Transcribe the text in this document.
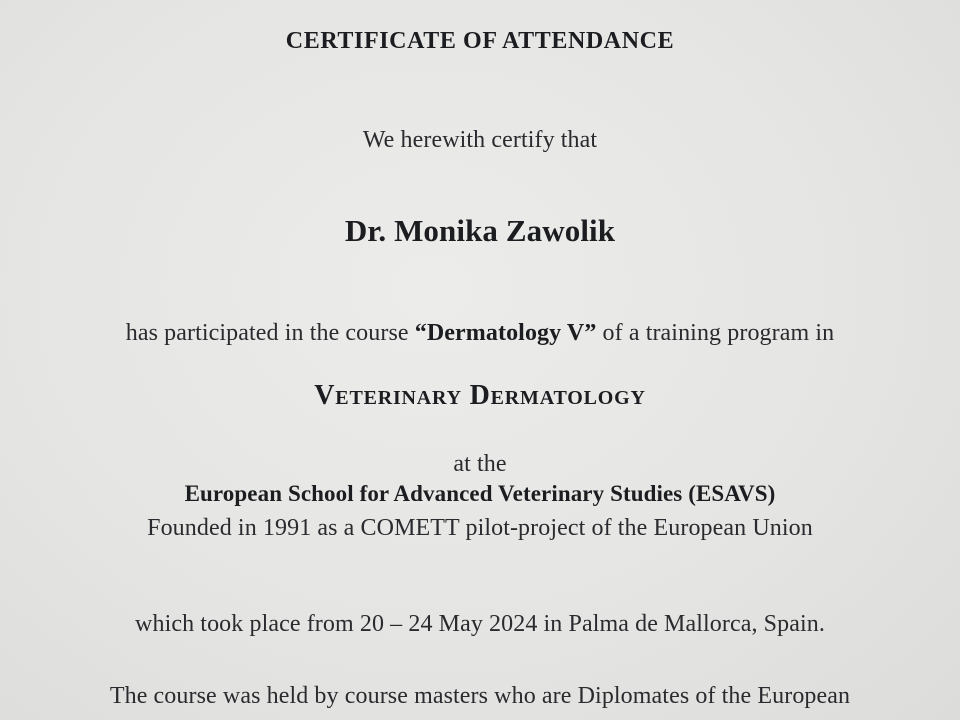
CERTIFICATE OF ATTENDANCE
We herewith certify that
Dr. Monika Zawolik
has participated in the course “Dermatology V” of a training program in
Veterinary Dermatology
at the
European School for Advanced Veterinary Studies (ESAVS)
Founded in 1991 as a COMETT pilot-project of the European Union
which took place from 20 – 24 May 2024 in Palma de Mallorca, Spain.
The course was held by course masters who are Diplomates of the European
